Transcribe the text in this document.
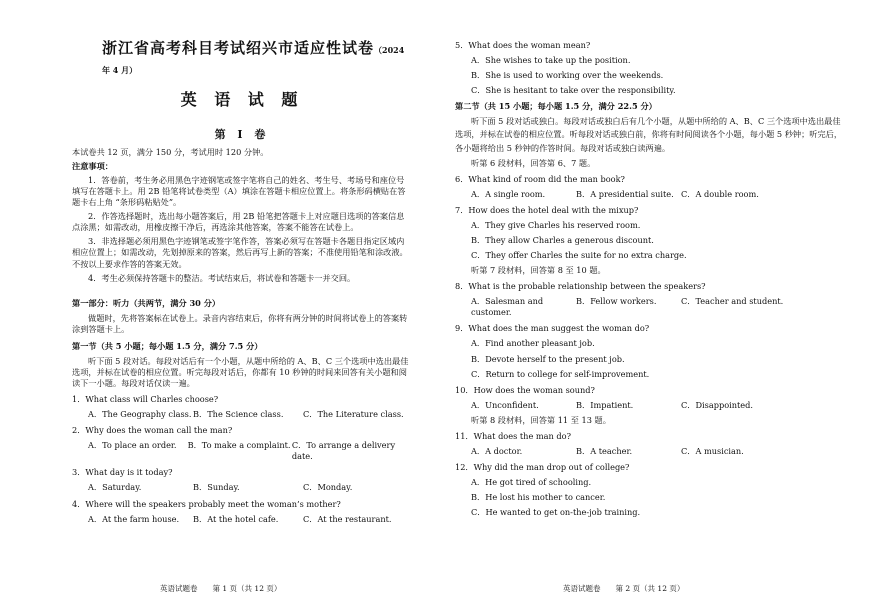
浙江省高考科目考试绍兴市适应性试卷（2024 年 4 月）

英 语 试 题

第 I 卷

本试卷共 12 页，满分 150 分，考试用时 120 分钟。

注意事项：

1．答卷前，考生务必用黑色字迹钢笔或签字笔将自己的姓名、考生号、考场号和座位号填写在答题卡上。用 2B 铅笔将试卷类型（A）填涂在答题卡相应位置上。将条形码横贴在答题卡右上角 “条形码粘贴处”。

2．作答选择题时，选出每小题答案后，用 2B 铅笔把答题卡上对应题目选项的答案信息点涂黑；如需改动，用橡皮擦干净后，再选涂其他答案，答案不能答在试卷上。

3．非选择题必须用黑色字迹钢笔或签字笔作答，答案必须写在答题卡各题目指定区域内相应位置上；如需改动，先划掉原来的答案，然后再写上新的答案；不准使用铅笔和涂改液。不按以上要求作答的答案无效。

4．考生必须保持答题卡的整洁。考试结束后，将试卷和答题卡一并交回。

第一部分：听力（共两节，满分 30 分）

做题时，先将答案标在试卷上。录音内容结束后，你将有两分钟的时间将试卷上的答案转涂到答题卡上。

第一节（共 5 小题；每小题 1.5 分，满分 7.5 分）

听下面 5 段对话。每段对话后有一个小题，从题中所给的 A、B、C 三个选项中选出最佳选项，并标在试卷的相应位置。听完每段对话后，你都有 10 秒钟的时间来回答有关小题和阅读下一小题。每段对话仅读一遍。

1．What class will Charles choose?

A．The Geography class. B．The Science class.	C．The Literature class.

2．Why does the woman call the man?

A．To place an order.	B．To make a complaint. C．To arrange a delivery date.

3．What day is it today?

A．Saturday.	B．Sunday.	C．Monday.

4．Where will the speakers probably meet the woman’s mother?

A．At the farm house.	B．At the hotel cafe.	C．At the restaurant.
英语试题卷　　第 1 页（共 12 页）

5．What does the woman mean?

A．She wishes to take up the position.

B．She is used to working over the weekends.

C．She is hesitant to take over the responsibility.

第二节（共 15 小题；每小题 1.5 分，满分 22.5 分）

听下面 5 段对话或独白。每段对话或独白后有几个小题，从题中所给的 A、B、C 三个选项中选出最佳选项，并标在试卷的相应位置。听每段对话或独白前，你将有时间阅读各个小题，每小题 5 秒钟；听完后，各小题将给出 5 秒钟的作答时间。每段对话或独白读两遍。

听第 6 段材料，回答第 6、7 题。

6．What kind of room did the man book?

A．A single room.	B．A presidential suite. C．A double room.

7．How does the hotel deal with the mixup?

A．They give Charles his reserved room.

B．They allow Charles a generous discount.

C．They offer Charles the suite for no extra charge.

听第 7 段材料，回答第 8 至 10 题。

8．What is the probable relationship between the speakers?

A．Salesman and customer.
B．Fellow workers.	C．Teacher and student.

9．What does the man suggest the woman do?

A．Find another pleasant job.

B．Devote herself to the present job.

C．Return to college for self-improvement.

10．How does the woman sound?

A．Unconfident.	B．Impatient.	C．Disappointed.

听第 8 段材料，回答第 11 至 13 题。

11．What does the man do?

A．A doctor.	B．A teacher.	C．A musician.

12．Why did the man drop out of college?

A．He got tired of schooling.

B．He lost his mother to cancer.

C．He wanted to get on-the-job training.

英语试题卷　　第 2 页（共 12 页）
